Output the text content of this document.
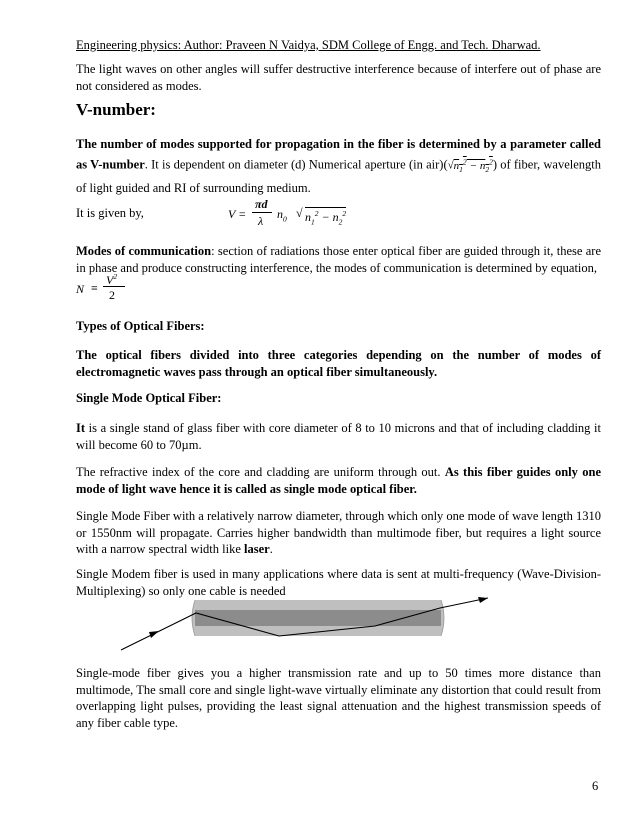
Engineering physics: Author: Praveen N Vaidya, SDM College of Engg. and Tech. Dharwad.
The light waves on other angles will suffer destructive interference because of interfere out of phase are not considered as modes.
V-number:
The number of modes supported for propagation in the fiber is determined by a parameter called as V-number. It is dependent on diameter (d) Numerical aperture (in $air)(√n_1^2 - n_2^2)$ of fiber, wavelength of light guided and RI of surrounding medium.
It is given by,	V =
πd
λ $n_0$ √ $n_1^2 - n_2^2$
Modes of communication: section of radiations those enter optical fiber are guided through it, these are in phase and produce constructing interference, the modes of communication is determined by equation,
N ≡
$V^2$
2
Types of Optical Fibers:
The optical fibers divided into three categories depending on the number of modes of electromagnetic waves pass through an optical fiber simultaneously.
Single Mode Optical Fiber:
It is a single stand of glass fiber with core diameter of 8 to 10 microns and that of including cladding it will become 60 to 70µm.
The refractive index of the core and cladding are uniform through out. As this fiber guides only one mode of light wave hence it is called as single mode optical fiber.
Single Mode Fiber with a relatively narrow diameter, through which only one mode of wave length 1310 or 1550nm will propagate. Carries higher bandwidth than multimode fiber, but requires a light source with a narrow spectral width like laser.
Single Modem fiber is used in many applications where data is sent at multi-frequency (Wave-Division-Multiplexing) so only one cable is needed
Single-mode fiber gives you a higher transmission rate and up to 50 times more distance than multimode, The small core and single light-wave virtually eliminate any distortion that could result from overlapping light pulses, providing the least signal attenuation and the highest transmission speeds of any fiber cable type.
6
